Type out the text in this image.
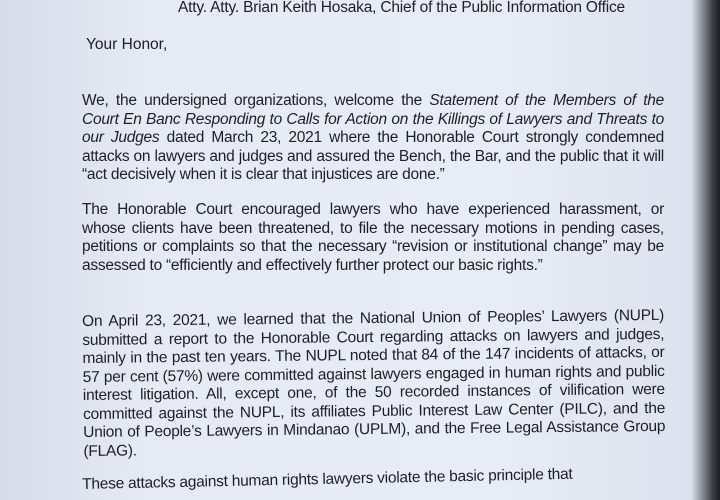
Atty. Atty. Brian Keith Hosaka, Chief of the Public Information Office
Your Honor,
We, the undersigned organizations, welcome the Statement of the Members of the Court En Banc Responding to Calls for Action on the Killings of Lawyers and Threats to our Judges dated March 23, 2021 where the Honorable Court strongly condemned attacks on lawyers and judges and assured the Bench, the Bar, and the public that it will “act decisively when it is clear that injustices are done.”
The Honorable Court encouraged lawyers who have experienced harassment, or whose clients have been threatened, to file the necessary motions in pending cases, petitions or complaints so that the necessary “revision or institutional change” may be assessed to “efficiently and effectively further protect our basic rights.”
On April 23, 2021, we learned that the National Union of Peoples’ Lawyers (NUPL) submitted a report to the Honorable Court regarding attacks on lawyers and judges, mainly in the past ten years. The NUPL noted that 84 of the 147 incidents of attacks, or 57 per cent (57%) were committed against lawyers engaged in human rights and public interest litigation. All, except one, of the 50 recorded instances of vilification were committed against the NUPL, its affiliates Public Interest Law Center (PILC), and the Union of People’s Lawyers in Mindanao (UPLM), and the Free Legal Assistance Group (FLAG).
These attacks against human rights lawyers violate the basic principle that
